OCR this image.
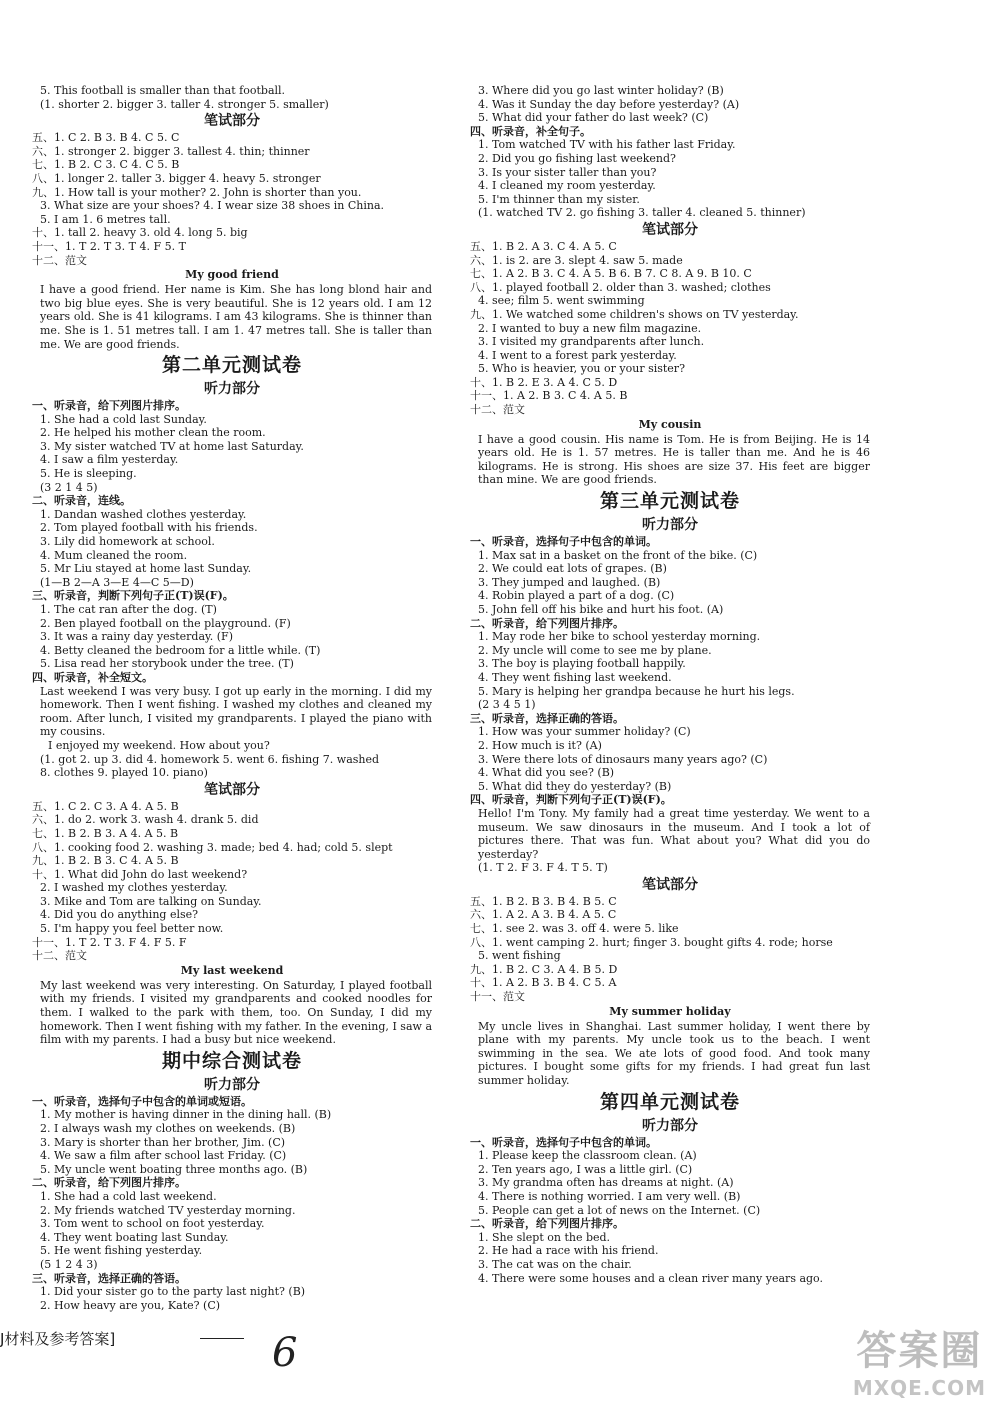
5. This football is smaller than that football.
(1. shorter 2. bigger 3. taller 4. stronger 5. smaller)
笔试部分
五、1. C 2. B 3. B 4. C 5. C
六、1. stronger 2. bigger 3. tallest 4. thin; thinner
七、1. B 2. C 3. C 4. C 5. B
八、1. longer 2. taller 3. bigger 4. heavy 5. stronger
九、1. How tall is your mother? 2. John is shorter than you.
3. What size are your shoes? 4. I wear size 38 shoes in China.
5. I am 1. 6 metres tall.
十、1. tall 2. heavy 3. old 4. long 5. big
十一、1. T 2. T 3. T 4. F 5. T
十二、范文
My good friend
I have a good friend. Her name is Kim. She has long blond hair and two big blue eyes. She is very beautiful. She is 12 years old. I am 12 years old. She is 41 kilograms. I am 43 kilograms. She is thinner than me. She is 1. 51 metres tall. I am 1. 47 metres tall. She is taller than me. We are good friends.
第二单元测试卷
听力部分
一、听录音，给下列图片排序。
1. She had a cold last Sunday.
2. He helped his mother clean the room.
3. My sister watched TV at home last Saturday.
4. I saw a film yesterday.
5. He is sleeping.
(3 2 1 4 5)
二、听录音，连线。
1. Dandan washed clothes yesterday.
2. Tom played football with his friends.
3. Lily did homework at school.
4. Mum cleaned the room.
5. Mr Liu stayed at home last Sunday.
(1—B 2—A 3—E 4—C 5—D)
三、听录音，判断下列句子正(T)误(F)。
1. The cat ran after the dog. (T)
2. Ben played football on the playground. (F)
3. It was a rainy day yesterday. (F)
4. Betty cleaned the bedroom for a little while. (T)
5. Lisa read her storybook under the tree. (T)
四、听录音，补全短文。
Last weekend I was very busy. I got up early in the morning. I did my homework. Then I went fishing. I washed my clothes and cleaned my room. After lunch, I visited my grandparents. I played the piano with my cousins.
I enjoyed my weekend. How about you?
(1. got 2. up 3. did 4. homework 5. went 6. fishing 7. washed
8. clothes 9. played 10. piano)
笔试部分
五、1. C 2. C 3. A 4. A 5. B
六、1. do 2. work 3. wash 4. drank 5. did
七、1. B 2. B 3. A 4. A 5. B
八、1. cooking food 2. washing 3. made; bed 4. had; cold 5. slept
九、1. B 2. B 3. C 4. A 5. B
十、1. What did John do last weekend?
2. I washed my clothes yesterday.
3. Mike and Tom are talking on Sunday.
4. Did you do anything else?
5. I'm happy you feel better now.
十一、1. T 2. T 3. F 4. F 5. F
十二、范文
My last weekend
My last weekend was very interesting. On Saturday, I played football with my friends. I visited my grandparents and cooked noodles for them. I walked to the park with them, too. On Sunday, I did my homework. Then I went fishing with my father. In the evening, I saw a film with my parents. I had a busy but nice weekend.
期中综合测试卷
听力部分
一、听录音，选择句子中包含的单词或短语。
1. My mother is having dinner in the dining hall. (B)
2. I always wash my clothes on weekends. (B)
3. Mary is shorter than her brother, Jim. (C)
4. We saw a film after school last Friday. (C)
5. My uncle went boating three months ago. (B)
二、听录音，给下列图片排序。
1. She had a cold last weekend.
2. My friends watched TV yesterday morning.
3. Tom went to school on foot yesterday.
4. They went boating last Sunday.
5. He went fishing yesterday.
(5 1 2 4 3)
三、听录音，选择正确的答语。
1. Did your sister go to the party last night? (B)
2. How heavy are you, Kate? (C)
3. Where did you go last winter holiday? (B)
4. Was it Sunday the day before yesterday? (A)
5. What did your father do last week? (C)
四、听录音，补全句子。
1. Tom watched TV with his father last Friday.
2. Did you go fishing last weekend?
3. Is your sister taller than you?
4. I cleaned my room yesterday.
5. I'm thinner than my sister.
(1. watched TV 2. go fishing 3. taller 4. cleaned 5. thinner)
笔试部分
五、1. B 2. A 3. C 4. A 5. C
六、1. is 2. are 3. slept 4. saw 5. made
七、1. A 2. B 3. C 4. A 5. B 6. B 7. C 8. A 9. B 10. C
八、1. played football 2. older than 3. washed; clothes
4. see; film 5. went swimming
九、1. We watched some children's shows on TV yesterday.
2. I wanted to buy a new film magazine.
3. I visited my grandparents after lunch.
4. I went to a forest park yesterday.
5. Who is heavier, you or your sister?
十、1. B 2. E 3. A 4. C 5. D
十一、1. A 2. B 3. C 4. A 5. B
十二、范文
My cousin
I have a good cousin. His name is Tom. He is from Beijing. He is 14 years old. He is 1. 57 metres. He is taller than me. And he is 46 kilograms. He is strong. His shoes are size 37. His feet are bigger than mine. We are good friends.
第三单元测试卷
听力部分
一、听录音，选择句子中包含的单词。
1. Max sat in a basket on the front of the bike. (C)
2. We could eat lots of grapes. (B)
3. They jumped and laughed. (B)
4. Robin played a part of a dog. (C)
5. John fell off his bike and hurt his foot. (A)
二、听录音，给下列图片排序。
1. May rode her bike to school yesterday morning.
2. My uncle will come to see me by plane.
3. The boy is playing football happily.
4. They went fishing last weekend.
5. Mary is helping her grandpa because he hurt his legs.
(2 3 4 5 1)
三、听录音，选择正确的答语。
1. How was your summer holiday? (C)
2. How much is it? (A)
3. Were there lots of dinosaurs many years ago? (C)
4. What did you see? (B)
5. What did they do yesterday? (B)
四、听录音，判断下列句子正(T)误(F)。
Hello! I'm Tony. My family had a great time yesterday. We went to a museum. We saw dinosaurs in the museum. And I took a lot of pictures there. That was fun. What about you? What did you do yesterday?
(1. T 2. F 3. F 4. T 5. T)
笔试部分
五、1. B 2. B 3. B 4. B 5. C
六、1. A 2. A 3. B 4. A 5. C
七、1. see 2. was 3. off 4. were 5. like
八、1. went camping 2. hurt; finger 3. bought gifts 4. rode; horse
5. went fishing
九、1. B 2. C 3. A 4. B 5. D
十、1. A 2. B 3. B 4. C 5. A
十一、范文
My summer holiday
My uncle lives in Shanghai. Last summer holiday, I went there by plane with my parents. My uncle took us to the beach. I went swimming in the sea. We ate lots of good food. And took many pictures. I bought some gifts for my friends. I had great fun last summer holiday.
第四单元测试卷
听力部分
一、听录音，选择句子中包含的单词。
1. Please keep the classroom clean. (A)
2. Ten years ago, I was a little girl. (C)
3. My grandma often has dreams at night. (A)
4. There is nothing worried. I am very well. (B)
5. People can get a lot of news on the Internet. (C)
二、听录音，给下列图片排序。
1. She slept on the bed.
2. He had a race with his friend.
3. The cat was on the chair.
4. There were some houses and a clean river many years ago.
J材料及参考答案]	6	答案圈
MXQE.COM
